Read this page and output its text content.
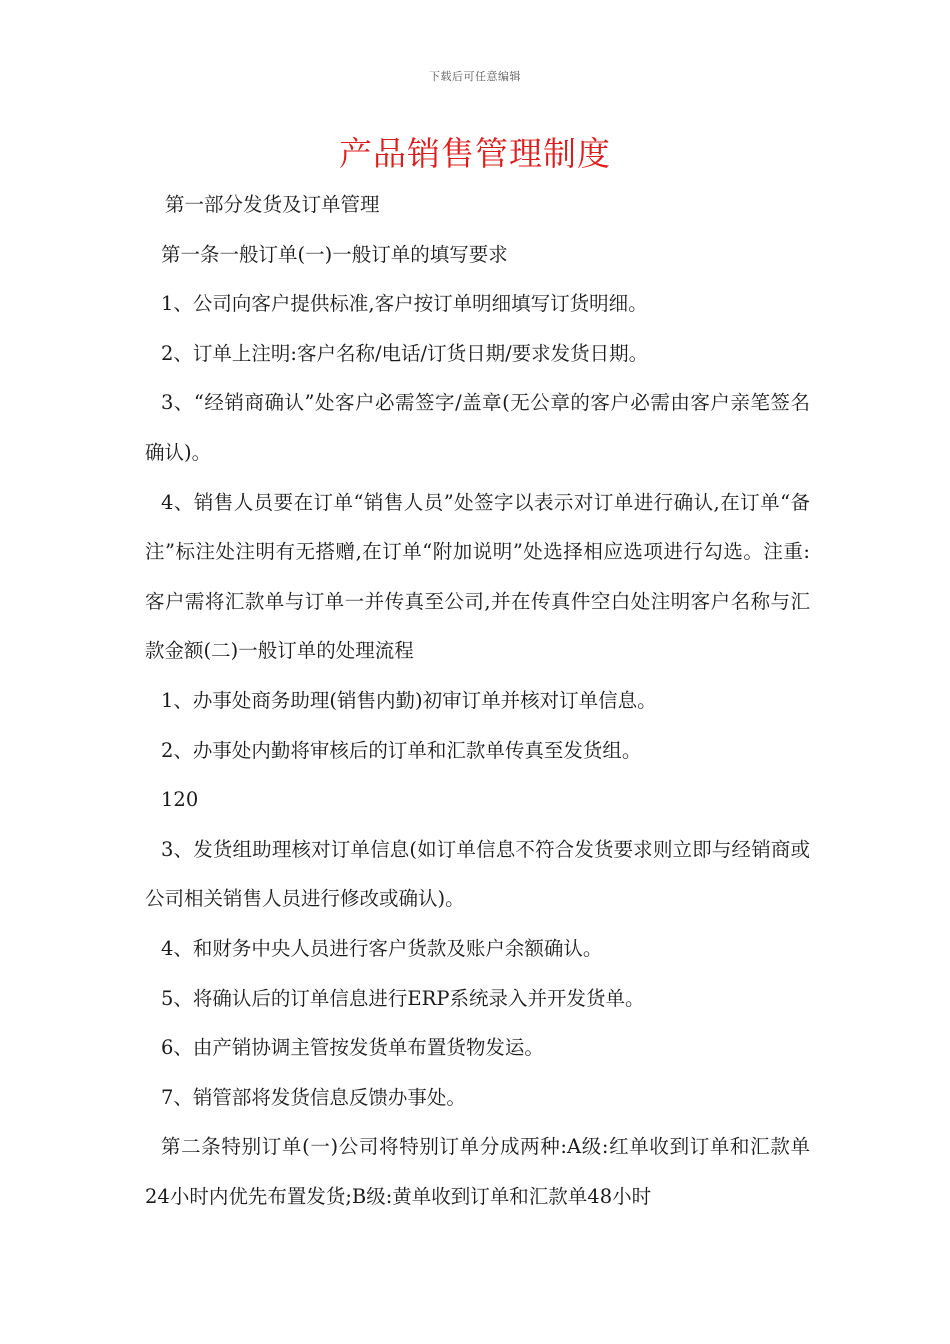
下载后可任意编辑
产品销售管理制度

第一部分发货及订单管理

第一条一般订单(一)一般订单的填写要求

1、公司向客户提供标准,客户按订单明细填写订货明细。

2、订单上注明:客户名称/电话/订货日期/要求发货日期。

3、“经销商确认”处客户必需签字/盖章(无公章的客户必需由客户亲笔签名确认)。

4、销售人员要在订单“销售人员”处签字以表示对订单进行确认,在订单“备注”标注处注明有无搭赠,在订单“附加说明”处选择相应选项进行勾选。注重:客户需将汇款单与订单一并传真至公司,并在传真件空白处注明客户名称与汇款金额(二)一般订单的处理流程

1、办事处商务助理(销售内勤)初审订单并核对订单信息。

2、办事处内勤将审核后的订单和汇款单传真至发货组。

120

3、发货组助理核对订单信息(如订单信息不符合发货要求则立即与经销商或公司相关销售人员进行修改或确认)。

4、和财务中央人员进行客户货款及账户余额确认。

5、将确认后的订单信息进行ERP系统录入并开发货单。

6、由产销协调主管按发货单布置货物发运。

7、销管部将发货信息反馈办事处。

第二条特别订单(一)公司将特别订单分成两种:A级:红单收到订单和汇款单24小时内优先布置发货;B级:黄单收到订单和汇款单48小时
